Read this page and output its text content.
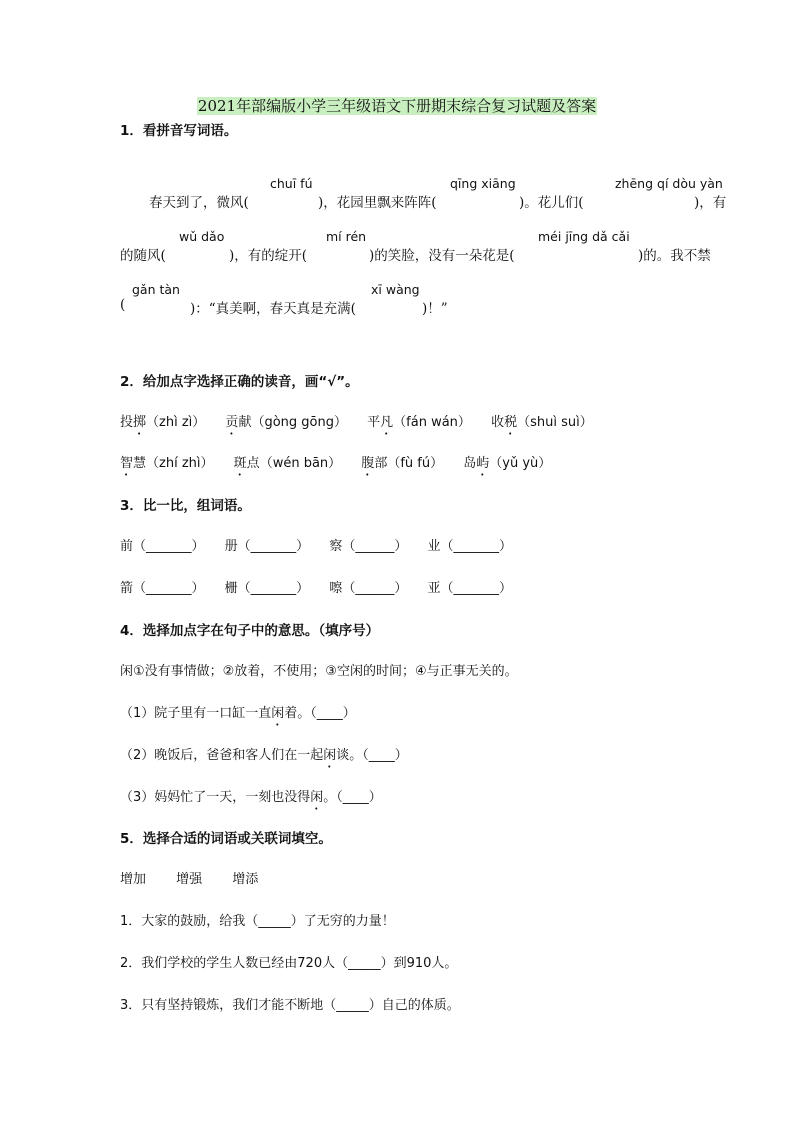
2021年部编版小学三年级语文下册期末综合复习试题及答案
1．看拼音写词语。
chuī fú	qīng xiāng	zhēng qí dòu yàn
春天到了，微风(	)，花园里飘来阵阵(	)。花儿们(	)，有
wǔ dǎo	mí rén	méi jīng dǎ cǎi
的随风(	)，有的绽开(	)的笑脸，没有一朵花是(	)的。我不禁
gǎn tàn	xī wàng
(	)：“真美啊，春天真是充满(	)！”
2．给加点字选择正确的读音，画“√”。
投掷（zhì zì） 贡献（gòng gōng） 平凡（fán wán） 收税（shuì suì）
智慧（zhí zhì） 斑点（wén bān） 腹部（fù fú） 岛屿（yǔ yù）
3．比一比，组词语。
前（_______） 册（_______） 察（______） 业（_______）
箭（_______） 栅（_______） 嚓（______） 亚（_______）
4．选择加点字在句子中的意思。（填序号）
闲①没有事情做；②放着，不使用；③空闲的时间；④与正事无关的。
（1）院子里有一口缸一直闲着。（____）
（2）晚饭后，爸爸和客人们在一起闲谈。（____）
（3）妈妈忙了一天，一刻也没得闲。（____）
5．选择合适的词语或关联词填空。
增加 增强 增添
1．大家的鼓励，给我（_____）了无穷的力量！
2．我们学校的学生人数已经由720人（_____）到910人。
3．只有坚持锻炼，我们才能不断地（_____）自己的体质。
